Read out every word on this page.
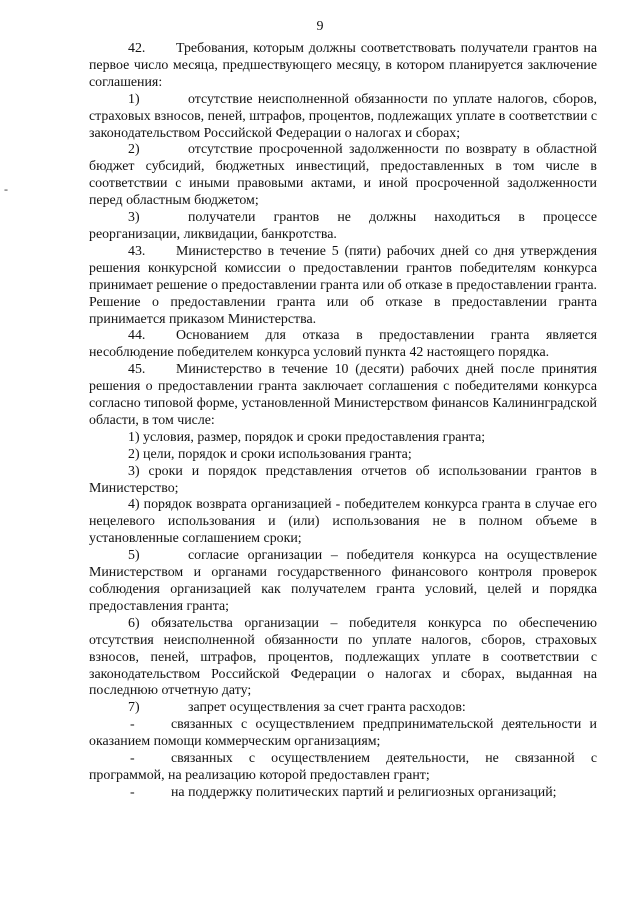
9
-

42. Требования, которым должны соответствовать получатели грантов на первое число месяца, предшествующего месяцу, в котором планируется заключение соглашения:

1)	отсутствие неисполненной обязанности по уплате налогов, сборов, страховых взносов, пеней, штрафов, процентов, подлежащих уплате в соответствии с законодательством Российской Федерации о налогах и сборах;

2)	отсутствие просроченной задолженности по возврату в областной бюджет субсидий, бюджетных инвестиций, предоставленных в том числе в соответствии с иными правовыми актами, и иной просроченной задолженности перед областным бюджетом;

3)	получатели грантов не должны находиться в процессе реорганизации, ликвидации, банкротства.

43. Министерство в течение 5 (пяти) рабочих дней со дня утверждения решения конкурсной комиссии о предоставлении грантов победителям конкурса принимает решение о предоставлении гранта или об отказе в предоставлении гранта. Решение о предоставлении гранта или об отказе в предоставлении гранта принимается приказом Министерства.

44. Основанием для отказа в предоставлении гранта является несоблюдение победителем конкурса условий пункта 42 настоящего порядка.

45. Министерство в течение 10 (десяти) рабочих дней после принятия решения о предоставлении гранта заключает соглашения с победителями конкурса согласно типовой форме, установленной Министерством финансов Калининградской области, в том числе:

1) условия, размер, порядок и сроки предоставления гранта;

2) цели, порядок и сроки использования гранта;

3) сроки и порядок представления отчетов об использовании грантов в Министерство;

4) порядок возврата организацией - победителем конкурса гранта в случае его нецелевого использования и (или) использования не в полном объеме в установленные соглашением сроки;

5)	согласие организации – победителя конкурса на осуществление Министерством и органами государственного финансового контроля проверок соблюдения организацией как получателем гранта условий, целей и порядка предоставления гранта;

6) обязательства организации – победителя конкурса по обеспечению отсутствия неисполненной обязанности по уплате налогов, сборов, страховых взносов, пеней, штрафов, процентов, подлежащих уплате в соответствии с законодательством Российской Федерации о налогах и сборах, выданная на последнюю отчетную дату;

7)	запрет осуществления за счет гранта расходов:

-	связанных с осуществлением предпринимательской деятельности и оказанием помощи коммерческим организациям;

-	связанных с осуществлением деятельности, не связанной с программой, на реализацию которой предоставлен грант;

-	на поддержку политических партий и религиозных организаций;
